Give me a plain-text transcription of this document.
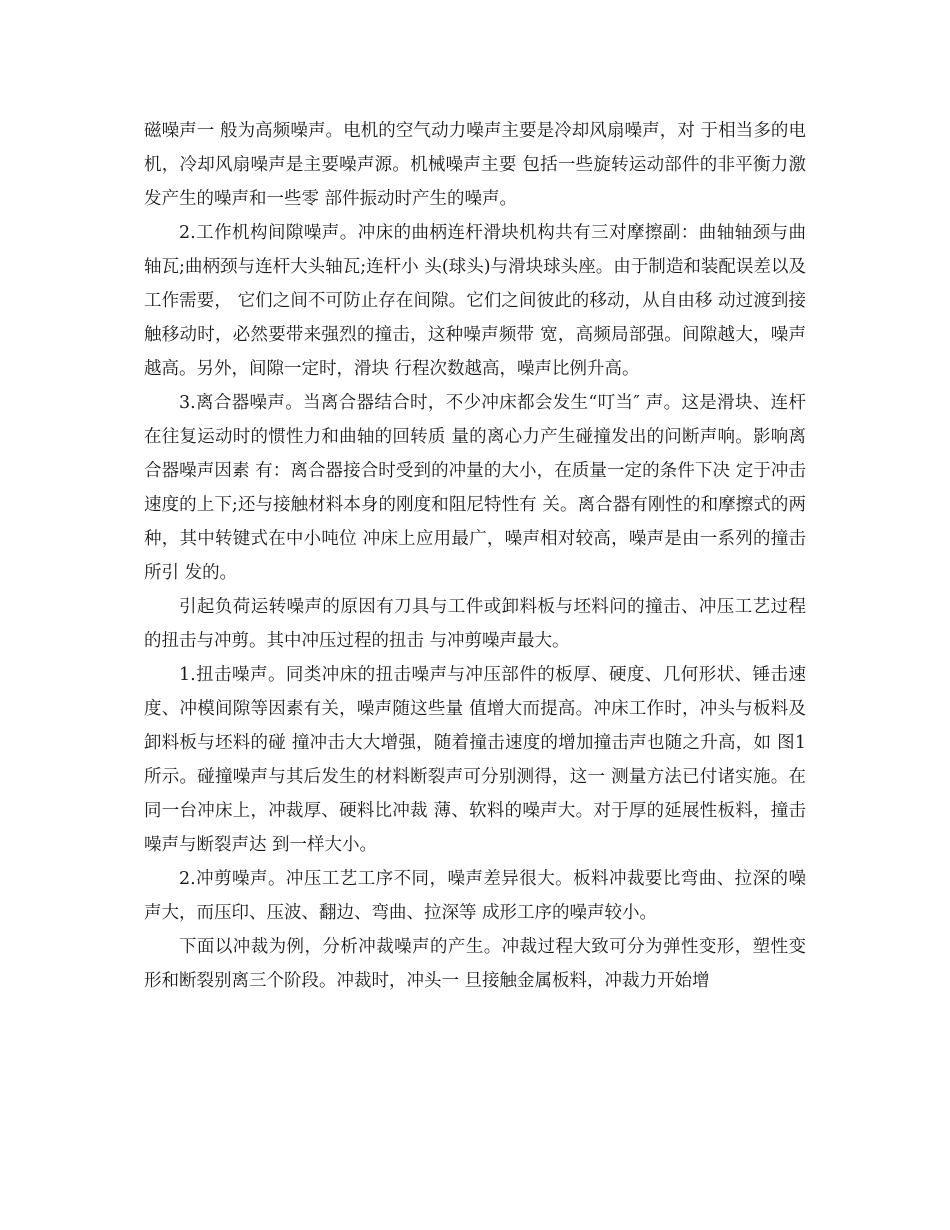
磁噪声一 般为高频噪声。电机的空气动力噪声主要是冷却风扇噪声，对 于相当多的电机，冷却风扇噪声是主要噪声源。机械噪声主要 包括一些旋转运动部件的非平衡力激发产生的噪声和一些零 部件振动时产生的噪声。

2.工作机构间隙噪声。冲床的曲柄连杆滑块机构共有三对摩擦副：曲轴轴颈与曲轴瓦;曲柄颈与连杆大头轴瓦;连杆小 头(球头)与滑块球头座。由于制造和装配误差以及工作需要， 它们之间不可防止存在间隙。它们之间彼此的移动，从自由移 动过渡到接触移动时，必然要带来强烈的撞击，这种噪声频带 宽，高频局部强。间隙越大，噪声越高。另外，间隙一定时，滑块 行程次数越高，噪声比例升高。

3.离合器噪声。当离合器结合时，不少冲床都会发生“叮当″ 声。这是滑块、连杆在往复运动时的惯性力和曲轴的回转质 量的离心力产生碰撞发出的问断声响。影响离合器噪声因素 有：离合器接合时受到的冲量的大小，在质量一定的条件下决 定于冲击速度的上下;还与接触材料本身的刚度和阻尼特性有 关。离合器有刚性的和摩擦式的两种，其中转键式在中小吨位 冲床上应用最广，噪声相对较高，噪声是由一系列的撞击所引 发的。

引起负荷运转噪声的原因有刀具与工件或卸料板与坯料问的撞击、冲压工艺过程的扭击与冲剪。其中冲压过程的扭击 与冲剪噪声最大。

1.扭击噪声。同类冲床的扭击噪声与冲压部件的板厚、硬度、几何形状、锤击速度、冲模间隙等因素有关，噪声随这些量 值增大而提高。冲床工作时，冲头与板料及卸料板与坯料的碰 撞冲击大大增强，随着撞击速度的增加撞击声也随之升高，如 图1所示。碰撞噪声与其后发生的材料断裂声可分别测得，这一 测量方法已付诸实施。在同一台冲床上，冲裁厚、硬料比冲裁 薄、软料的噪声大。对于厚的延展性板料，撞击噪声与断裂声达 到一样大小。

2.冲剪噪声。冲压工艺工序不同，噪声差异很大。板料冲裁要比弯曲、拉深的噪声大，而压印、压波、翻边、弯曲、拉深等 成形工序的噪声较小。

下面以冲裁为例，分析冲裁噪声的产生。冲裁过程大致可分为弹性变形，塑性变形和断裂别离三个阶段。冲裁时，冲头一 旦接触金属板料，冲裁力开始增
